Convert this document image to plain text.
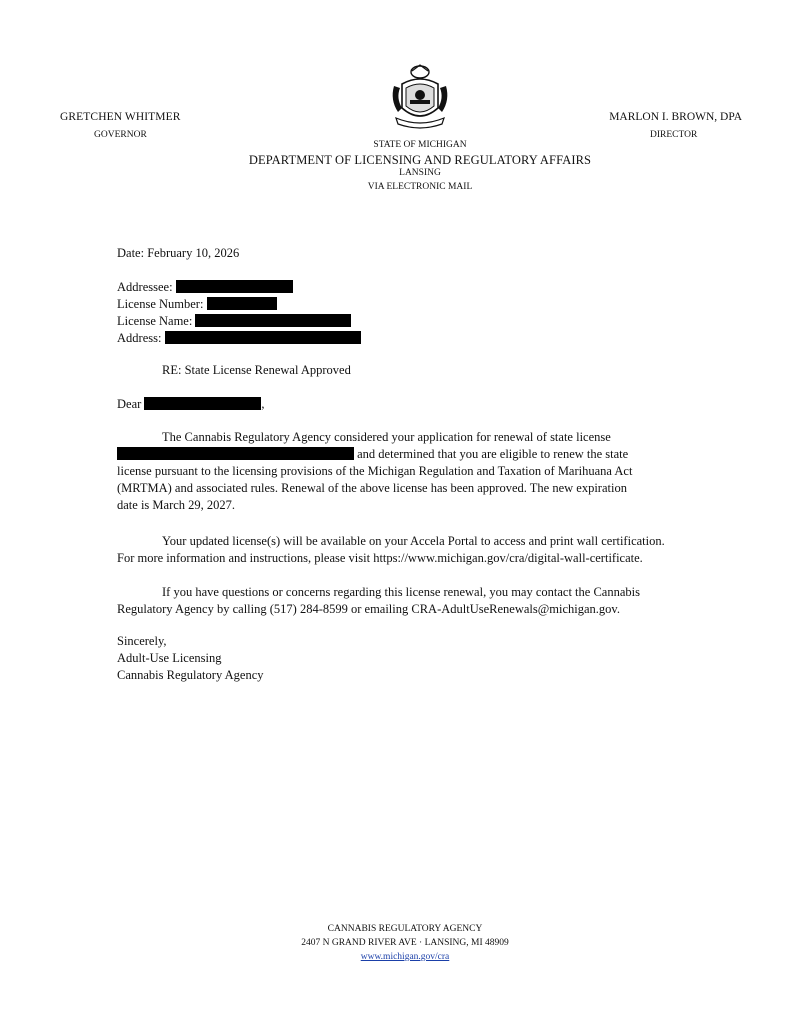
GRETCHEN WHITMER
GOVERNOR
MARLON I. BROWN, DPA
DIRECTOR
STATE OF MICHIGAN
DEPARTMENT OF LICENSING AND REGULATORY AFFAIRS
LANSING
VIA ELECTRONIC MAIL
Date: February 10, 2026
Addressee:
License Number:
License Name:
Address:
RE: State License Renewal Approved
Dear	,
The Cannabis Regulatory Agency considered your application for renewal of state license
and determined that you are eligible to renew the state
license pursuant to the licensing provisions of the Michigan Regulation and Taxation of Marihuana Act
(MRTMA) and associated rules. Renewal of the above license has been approved. The new expiration
date is March 29, 2027.
Your updated license(s) will be available on your Accela Portal to access and print wall certification.
For more information and instructions, please visit https://www.michigan.gov/cra/digital-wall-certificate.
If you have questions or concerns regarding this license renewal, you may contact the Cannabis
Regulatory Agency by calling (517) 284-8599 or emailing CRA-AdultUseRenewals@michigan.gov.
Sincerely,
Adult-Use Licensing
Cannabis Regulatory Agency
CANNABIS REGULATORY AGENCY
2407 N GRAND RIVER AVE · LANSING, MI 48909
www.michigan.gov/cra
